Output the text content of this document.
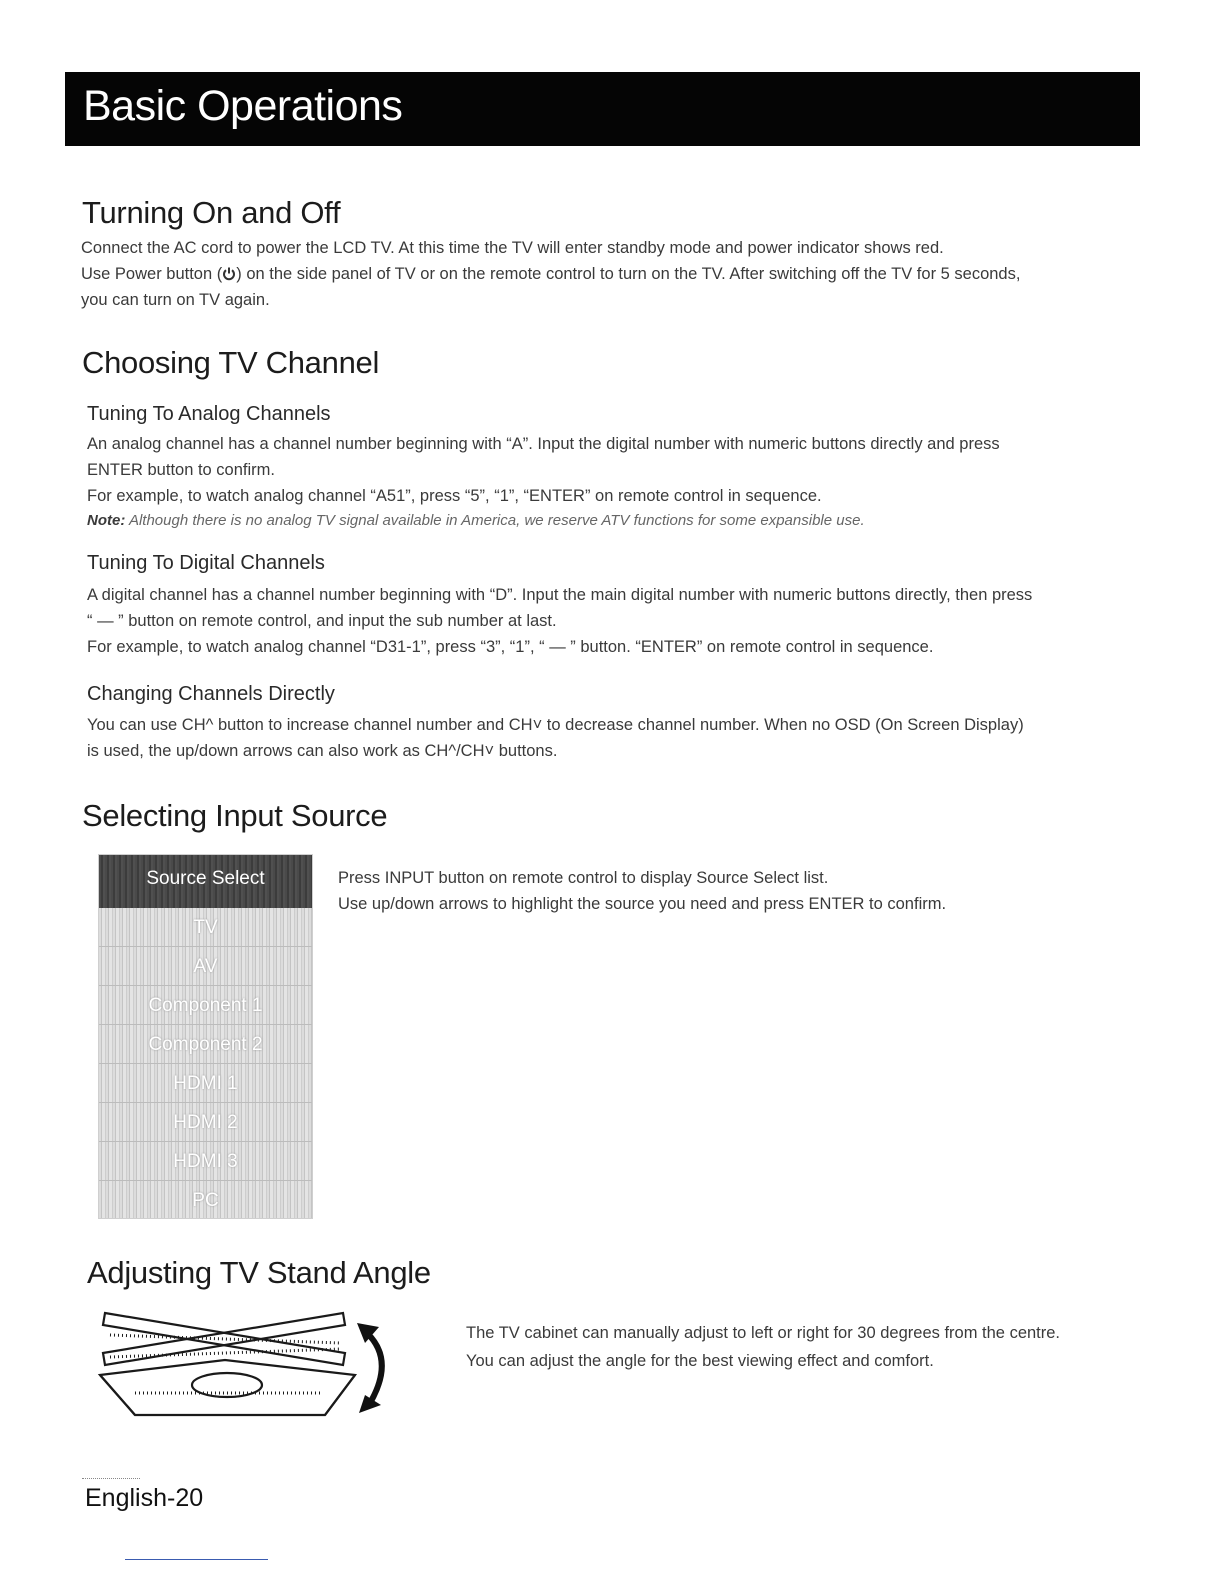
Basic Operations
Turning On and Off

Connect the AC cord to power the LCD TV. At this time the TV will enter standby mode and power indicator shows red.

Use Power button ( ) on the side panel of TV or on the remote control to turn on the TV. After switching off the TV for 5 seconds,

you can turn on TV again.

Choosing TV Channel
Tuning To Analog Channels

An analog channel has a channel number beginning with “A”. Input the digital number with numeric buttons directly and press

ENTER button to confirm.

For example, to watch analog channel “A51”, press “5”, “1”, “ENTER” on remote control in sequence.

Note: Although there is no analog TV signal available in America, we reserve ATV functions for some expansible use.

Tuning To Digital Channels

A digital channel has a channel number beginning with “D”. Input the main digital number with numeric buttons directly, then press

“ — ” button on remote control, and input the sub number at last.

For example, to watch analog channel “D31-1”, press “3”, “1”, “ — ” button. “ENTER” on remote control in sequence.

Changing Channels Directly

You can use CH^ button to increase channel number and CH˅ to decrease channel number. When no OSD (On Screen Display)

is used, the up/down arrows can also work as CH^/CH˅ buttons.

Selecting Input Source
Source Select
TV
AV
Component 1
Component 2
HDMI 1
HDMI 2
HDMI 3
PC

Press INPUT button on remote control to display Source Select list.

Use up/down arrows to highlight the source you need and press ENTER to confirm.

Adjusting TV Stand Angle

The TV cabinet can manually adjust to left or right for 30 degrees from the centre.

You can adjust the angle for the best viewing effect and comfort.

English-20
